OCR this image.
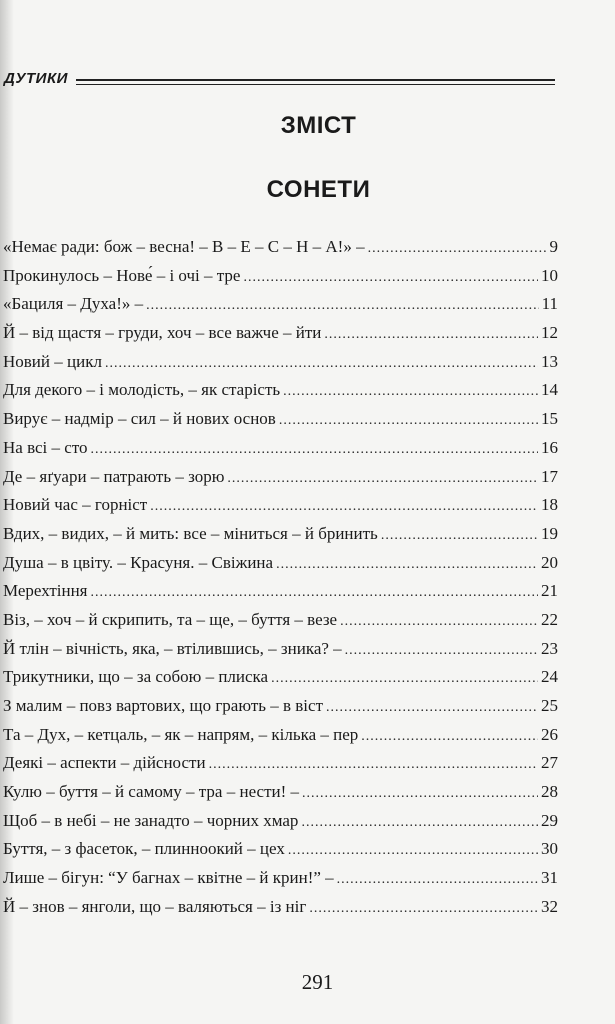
ДУТИКИ
ЗМІСТ
СОНЕТИ
«Немає ради: бож – весна! – В – Е – С – Н – А!» – .....	9
Прокинулось – Нове́ – і очі – тре .....	10
«Бациля – Духа!» – .....	11
Й – від щастя – груди, хоч – все важче – йти .....	12
Новий – цикл .....	13
Для декого – і молодість, – як старість .....	14
Вирує – надмір – сил – й нових основ .....	15
На всі – сто .....	16
Де – яґуари – патрають – зорю .....	17
Новий час – горніст .....	18
Вдих, – видих, – й мить: все – міниться – й бринить .....	19
Душа – в цвіту. – Красуня. – Свіжина .....	20
Мерехтіння .....	21
Віз, – хоч – й скрипить, та – ще, – буття – везе .....	22
Й тлін – вічність, яка, – втілившись, – зника? – .....	23
Трикутники, що – за собою – плиска .....	24
З малим – повз вартових, що грають – в віст .....	25
Та – Дух, – кетцаль, – як – напрям, – кілька – пер .....	26
Деякі – аспекти – дійсности .....	27
Кулю – буття – й самому – тра – нести! – .....	28
Щоб – в небі – не занадто – чорних хмар .....	29
Буття, – з фасеток, – плинноокий – цех .....	30
Лише – бігун: “У багнах – квітне – й крин!” – .....	31
Й – знов – янголи, що – валяються – із ніг .....	32
291
